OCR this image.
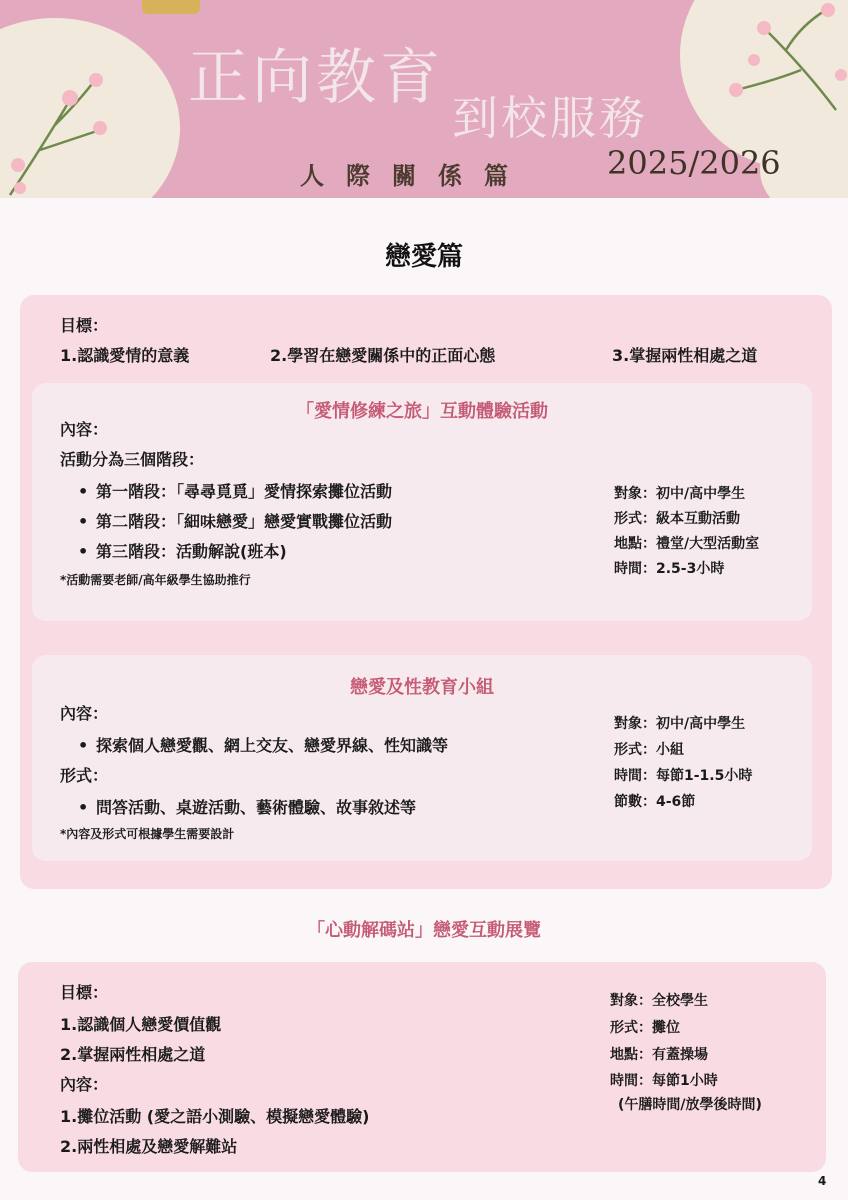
正向教育
到校服務
人際關係篇 2025/2026
戀愛篇
目標：
1.認識愛情的意義	2.學習在戀愛關係中的正面心態	3.掌握兩性相處之道
「愛情修練之旅」互動體驗活動
內容：
活動分為三個階段：
• 第一階段：「尋尋覓覓」愛情探索攤位活動
• 第二階段：「細味戀愛」戀愛實戰攤位活動
• 第三階段：活動解說(班本)
*活動需要老師/高年級學生協助推行
對象：初中/高中學生
形式：級本互動活動
地點：禮堂/大型活動室
時間：2.5-3小時
戀愛及性教育小組
內容：
• 探索個人戀愛觀、網上交友、戀愛界線、性知識等
形式：
• 問答活動、桌遊活動、藝術體驗、故事敘述等
*內容及形式可根據學生需要設計
對象：初中/高中學生
形式：小組
時間：每節1-1.5小時
節數：4-6節
「心動解碼站」戀愛互動展覽
目標：
1.認識個人戀愛價值觀
2.掌握兩性相處之道
內容：
1.攤位活動 (愛之語小測驗、模擬戀愛體驗)
2.兩性相處及戀愛解難站
對象：全校學生
形式：攤位
地點：有蓋操場
時間：每節1小時
(午膳時間/放學後時間)
4
